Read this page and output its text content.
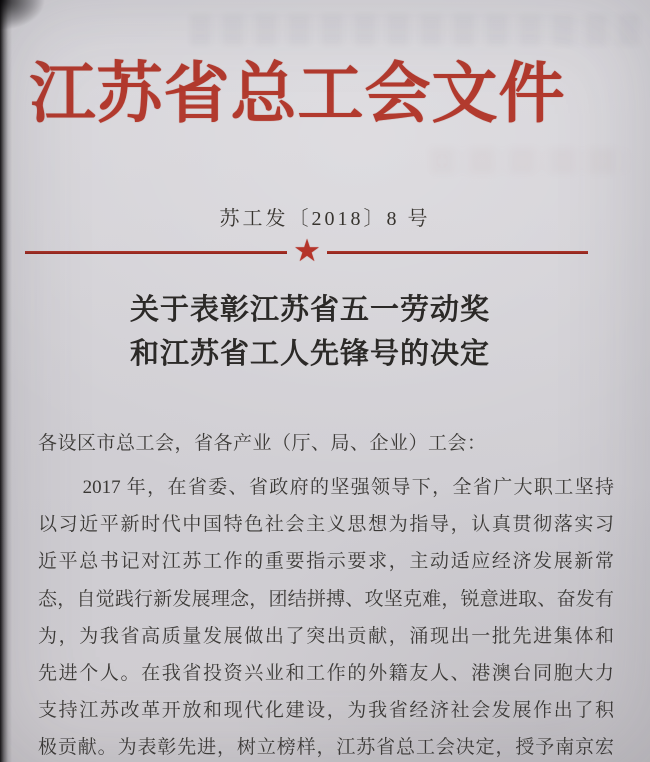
江苏省总工会文件
苏工发〔2018〕8 号
★
关于表彰江苏省五一劳动奖
和江苏省工人先锋号的决定
各设区市总工会，省各产业（厅、局、企业）工会：
2017 年，在省委、省政府的坚强领导下，全省广大职工坚持
以习近平新时代中国特色社会主义思想为指导，认真贯彻落实习
近平总书记对江苏工作的重要指示要求，主动适应经济发展新常
态，自觉践行新发展理念，团结拼搏、攻坚克难，锐意进取、奋发有
为，为我省高质量发展做出了突出贡献，涌现出一批先进集体和
先进个人。在我省投资兴业和工作的外籍友人、港澳台同胞大力
支持江苏改革开放和现代化建设，为我省经济社会发展作出了积
极贡献。为表彰先进，树立榜样，江苏省总工会决定，授予南京宏
